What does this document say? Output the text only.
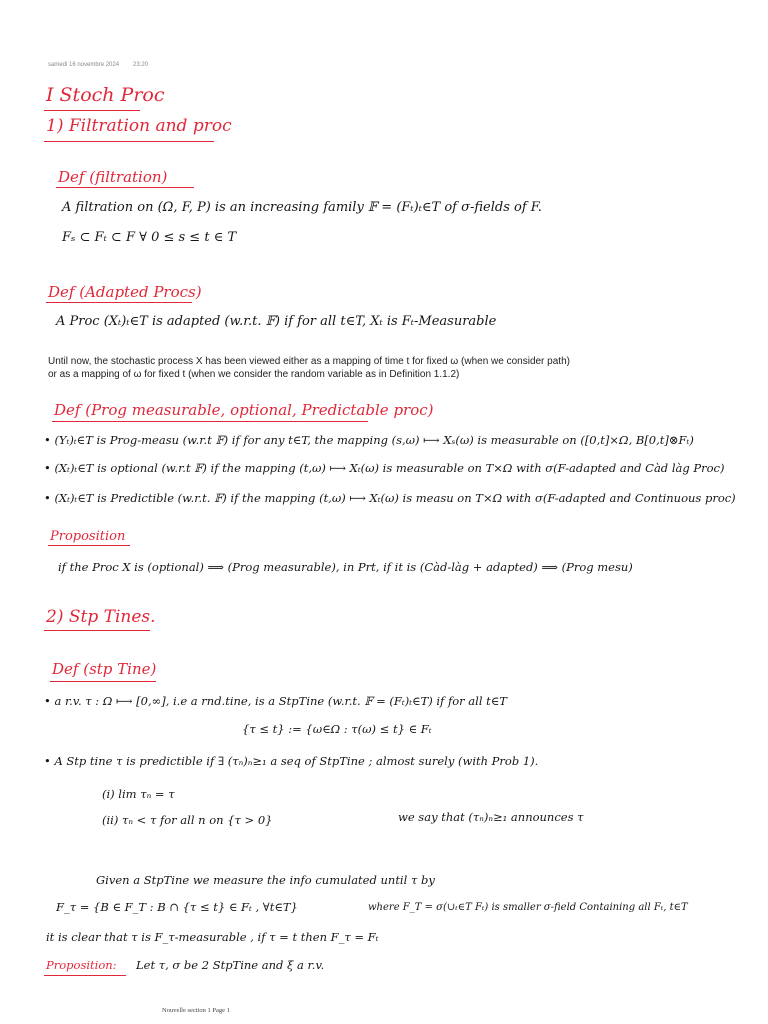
samedi 16 novembre 2024 23:20
I Stoch Proc
1) Filtration and proc
Def (filtration)
A filtration on (Ω, F, P) is an increasing family 𝔽 = (Fₜ)ₜ∈T of σ-fields of F.
Fₛ ⊂ Fₜ ⊂ F ∀ 0 ≤ s ≤ t ∈ T
Def (Adapted Procs)
A Proc (Xₜ)ₜ∈T is adapted (w.r.t. 𝔽) if for all t∈T, Xₜ is Fₜ-Measurable
Until now, the stochastic process X has been viewed either as a mapping of time t for fixed ω (when we consider path)
or as a mapping of ω for fixed t (when we consider the random variable as in Definition 1.1.2)
Def (Prog measurable, optional, Predictable proc)
• (Yₜ)ₜ∈T is Prog-measu (w.r.t 𝔽) if for any t∈T, the mapping (s,ω) ⟼ Xₛ(ω) is measurable on ([0,t]×Ω, B[0,t]⊗Fₜ)
• (Xₜ)ₜ∈T is optional (w.r.t 𝔽) if the mapping (t,ω) ⟼ Xₜ(ω) is measurable on T×Ω with σ(F-adapted and Càd làg Proc)
• (Xₜ)ₜ∈T is Predictible (w.r.t. 𝔽) if the mapping (t,ω) ⟼ Xₜ(ω) is measu on T×Ω with σ(F-adapted and Continuous proc)
Proposition
if the Proc X is (optional) ⟹ (Prog measurable), in Prt, if it is (Càd-làg + adapted) ⟹ (Prog mesu)
2) Stp Tines.
Def (stp Tine)
• a r.v. τ : Ω ⟼ [0,∞], i.e a rnd.tine, is a StpTine (w.r.t. 𝔽 = (Fₜ)ₜ∈T) if for all t∈T
{τ ≤ t} := {ω∈Ω : τ(ω) ≤ t} ∈ Fₜ
• A Stp tine τ is predictible if ∃ (τₙ)ₙ≥₁ a seq of StpTine ; almost surely (with Prob 1).
(i) lim τₙ = τ
(ii) τₙ < τ for all n on {τ > 0}	we say that (τₙ)ₙ≥₁ announces τ
Given a StpTine we measure the info cumulated until τ by
F_τ = {B ∈ F_T : B ∩ {τ ≤ t} ∈ Fₜ , ∀t∈T}	where F_T = σ(∪ₜ∈T Fₜ) is smaller σ-field Containing all Fₜ, t∈T
it is clear that τ is F_τ-measurable , if τ = t then F_τ = Fₜ
Proposition: Let τ, σ be 2 StpTine and ξ a r.v.
Nouvelle section 1 Page 1
